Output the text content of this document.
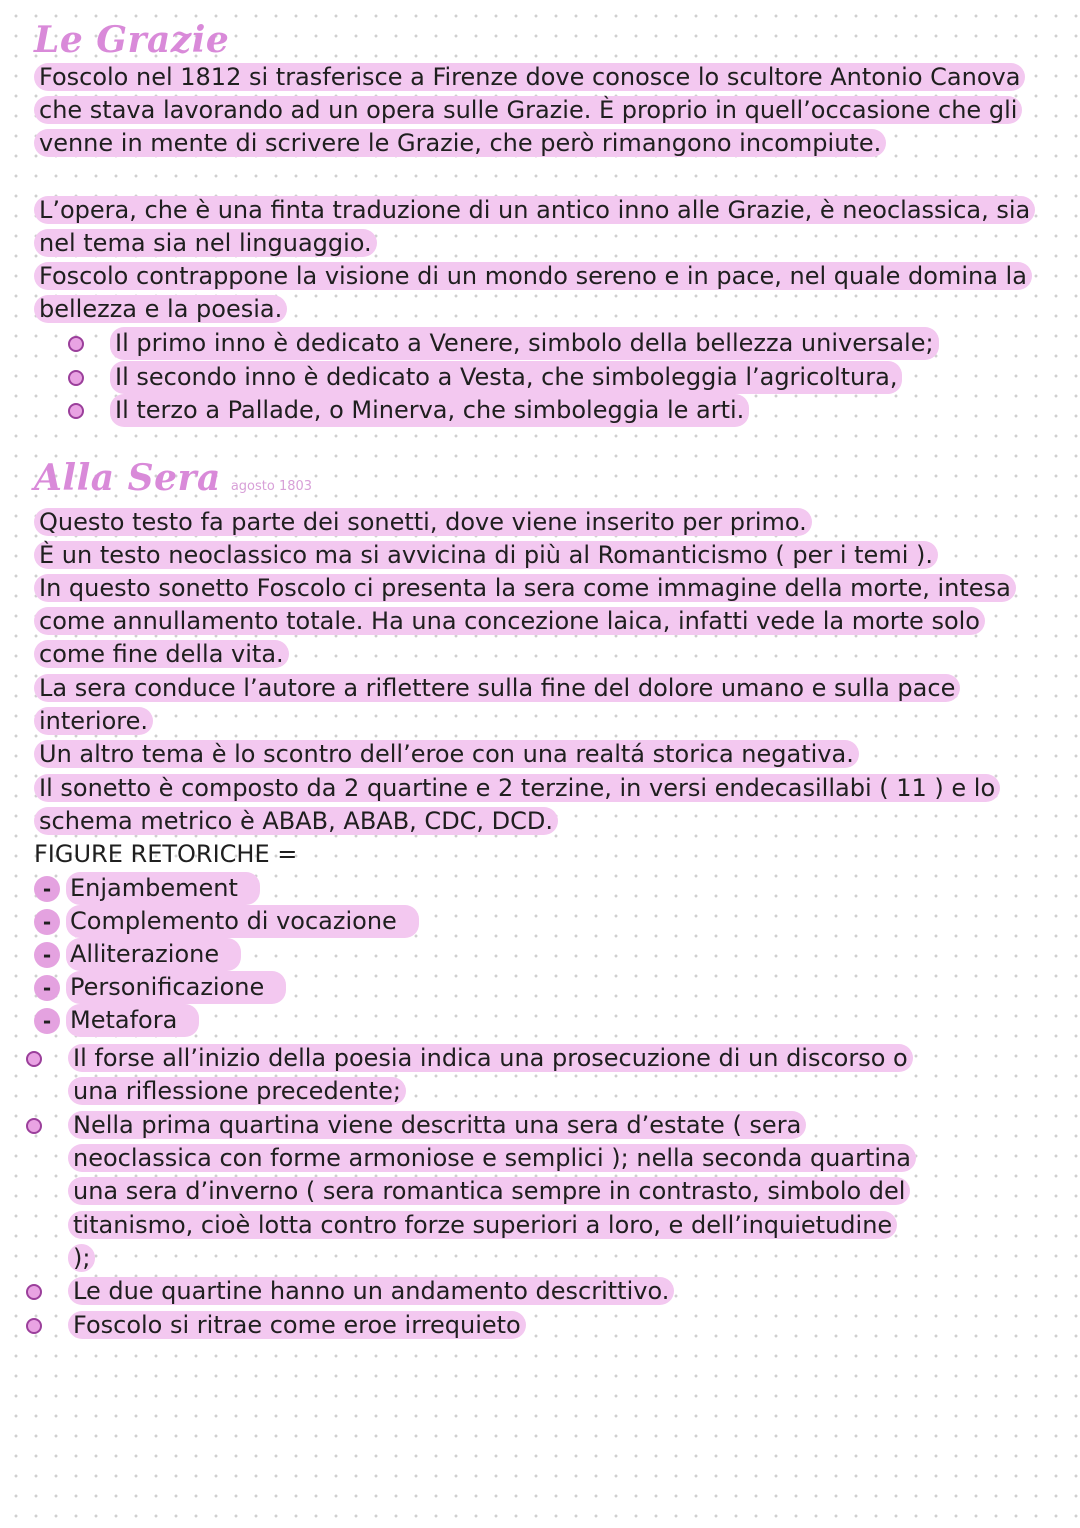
Le Grazie

Foscolo nel 1812 si trasferisce a Firenze dove conosce lo scultore Antonio Canova che stava lavorando ad un opera sulle Grazie. È proprio in quell’occasione che gli venne in mente di scrivere le Grazie, che però rimangono incompiute.

L’opera, che è una finta traduzione di un antico inno alle Grazie, è neoclassica, sia nel tema sia nel linguaggio.

Foscolo contrappone la visione di un mondo sereno e in pace, nel quale domina la bellezza e la poesia.

Il primo inno è dedicato a Venere, simbolo della bellezza universale;
Il secondo inno è dedicato a Vesta, che simboleggia l’agricoltura,
Il terzo a Pallade, o Minerva, che simboleggia le arti.
Alla Sera agosto 1803

Questo testo fa parte dei sonetti, dove viene inserito per primo.

È un testo neoclassico ma si avvicina di più al Romanticismo ( per i temi ).

In questo sonetto Foscolo ci presenta la sera come immagine della morte, intesa come annullamento totale. Ha una concezione laica, infatti vede la morte solo come fine della vita.

La sera conduce l’autore a riflettere sulla fine del dolore umano e sulla pace interiore.

Un altro tema è lo scontro dell’eroe con una realtá storica negativa.

Il sonetto è composto da 2 quartine e 2 terzine, in versi endecasillabi ( 11 ) e lo schema metrico è ABAB, ABAB, CDC, DCD.

FIGURE RETORICHE =

- Enjambement
- Complemento di vocazione
- Alliterazione
- Personificazione
- Metafora
Il forse all’inizio della poesia indica una prosecuzione di un discorso o una riflessione precedente;
Nella prima quartina viene descritta una sera d’estate ( sera neoclassica con forme armoniose e semplici ); nella seconda quartina una sera d’inverno ( sera romantica sempre in contrasto, simbolo del titanismo, cioè lotta contro forze superiori a loro, e dell’inquietudine );
Le due quartine hanno un andamento descrittivo.
Foscolo si ritrae come eroe irrequieto
